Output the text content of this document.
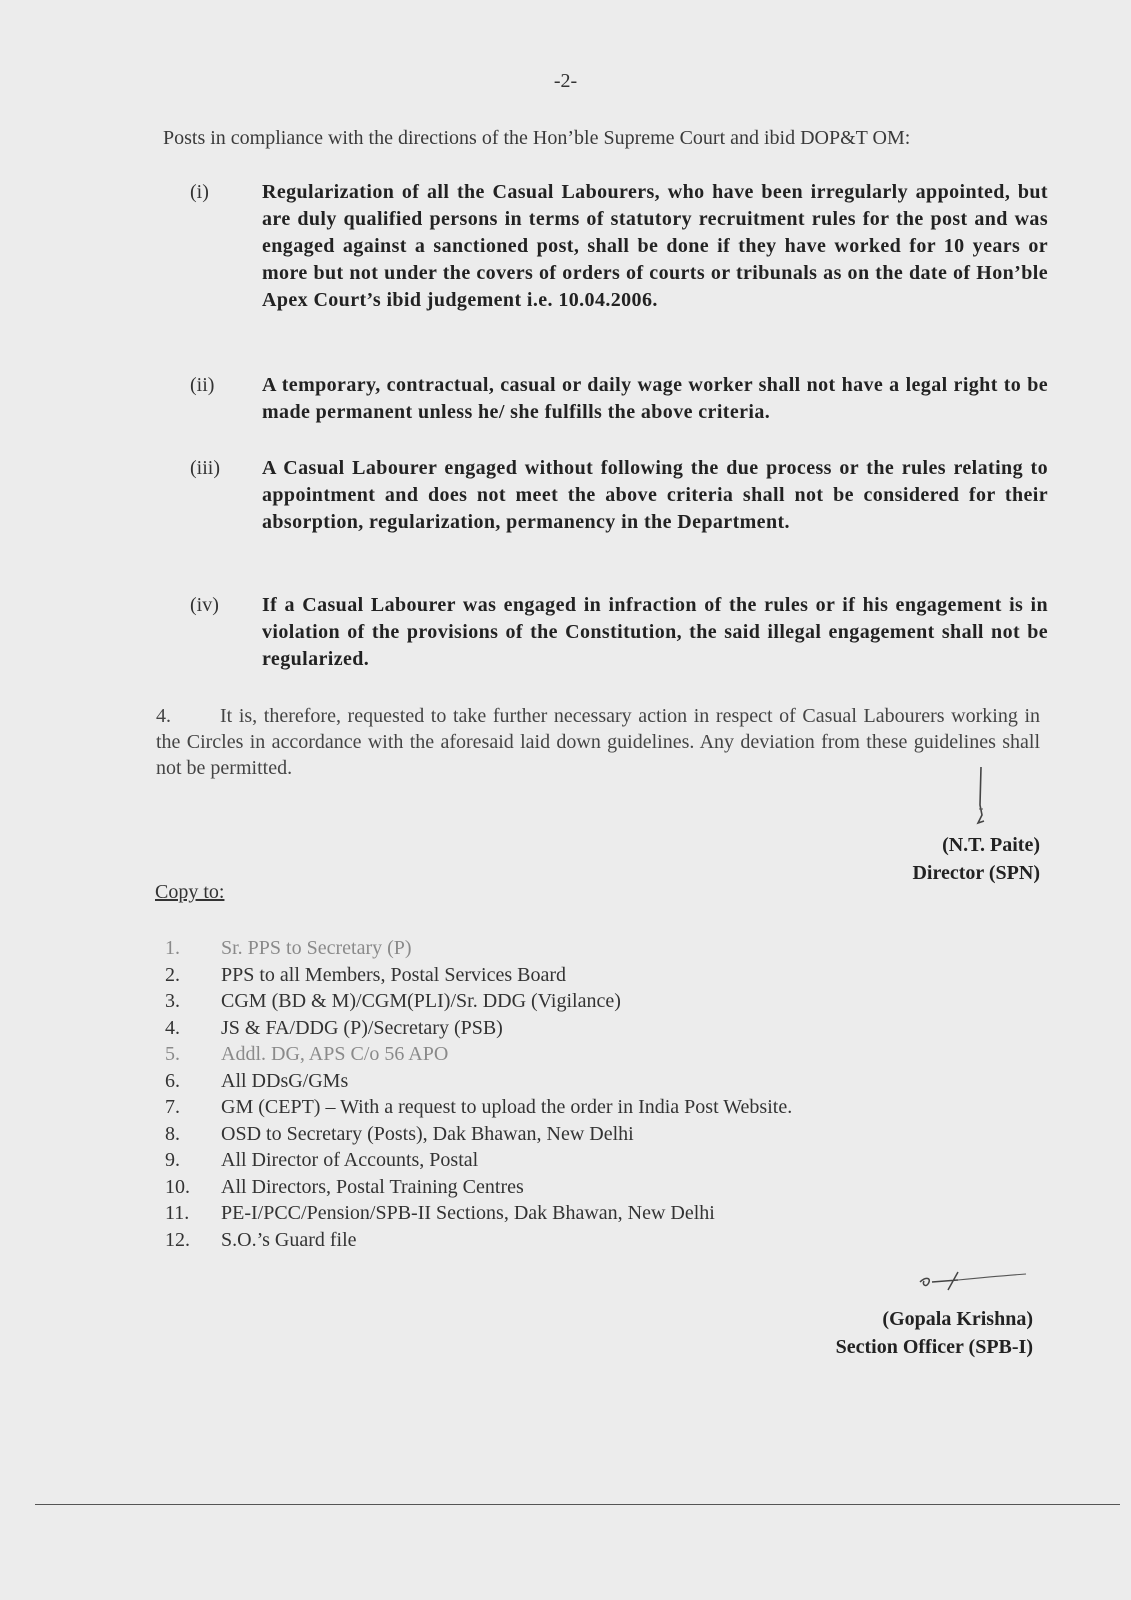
-2-
Posts in compliance with the directions of the Hon’ble Supreme Court and ibid DOP&T OM:
(i)	Regularization of all the Casual Labourers, who have been irregularly appointed, but are duly qualified persons in terms of statutory recruitment rules for the post and was engaged against a sanctioned post, shall be done if they have worked for 10 years or more but not under the covers of orders of courts or tribunals as on the date of Hon’ble Apex Court’s ibid judgement i.e. 10.04.2006.
(ii) A temporary, contractual, casual or daily wage worker shall not have a legal right to be made permanent unless he/ she fulfills the above criteria.
(iii) A Casual Labourer engaged without following the due process or the rules relating to appointment and does not meet the above criteria shall not be considered for their absorption, regularization, permanency in the Department.
(iv) If a Casual Labourer was engaged in infraction of the rules or if his engagement is in violation of the provisions of the Constitution, the said illegal engagement shall not be regularized.
4. It is, therefore, requested to take further necessary action in respect of Casual Labourers working in the Circles in accordance with the aforesaid laid down guidelines. Any deviation from these guidelines shall not be permitted.
(N.T. Paite)
Director (SPN)
Copy to:
1.	Sr. PPS to Secretary (P)
2.	PPS to all Members, Postal Services Board
3.	CGM (BD & M)/CGM(PLI)/Sr. DDG (Vigilance)
4.	JS & FA/DDG (P)/Secretary (PSB)
5.	Addl. DG, APS C/o 56 APO
6.	All DDsG/GMs
7.	GM (CEPT) – With a request to upload the order in India Post Website.
8.	OSD to Secretary (Posts), Dak Bhawan, New Delhi
9.	All Director of Accounts, Postal
10.	All Directors, Postal Training Centres
11.	PE-I/PCC/Pension/SPB-II Sections, Dak Bhawan, New Delhi
12.	S.O.’s Guard file
(Gopala Krishna)
Section Officer (SPB-I)
